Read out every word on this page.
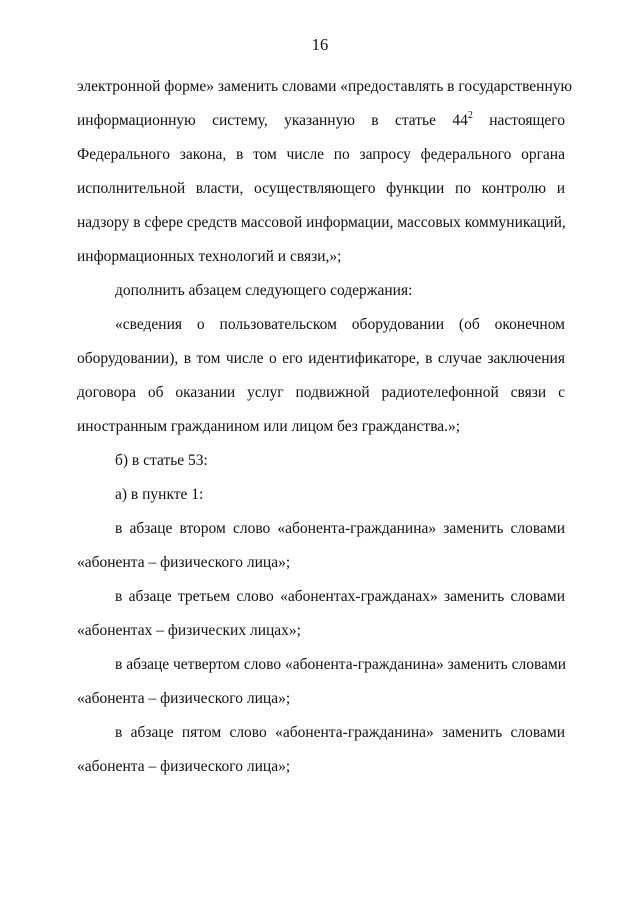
16

электронной форме» заменить словами «предоставлять в государственную
информационную систему, указанную в статье $44^2$ настоящего
Федерального закона, в том числе по запросу федерального органа
исполнительной власти, осуществляющего функции по контролю и
надзору в сфере средств массовой информации, массовых коммуникаций,
информационных технологий и связи,»;

дополнить абзацем следующего содержания:

«сведения о пользовательском оборудовании (об оконечном
оборудовании), в том числе о его идентификаторе, в случае заключения
договора об оказании услуг подвижной радиотелефонной связи с
иностранным гражданином или лицом без гражданства.»;

б) в статье 53:

а) в пункте 1:

в абзаце втором слово «абонента-гражданина» заменить словами
«абонента – физического лица»;

в абзаце третьем слово «абонентах-гражданах» заменить словами
«абонентах – физических лицах»;

в абзаце четвертом слово «абонента-гражданина» заменить словами
«абонента – физического лица»;

в абзаце пятом слово «абонента-гражданина» заменить словами
«абонента – физического лица»;
